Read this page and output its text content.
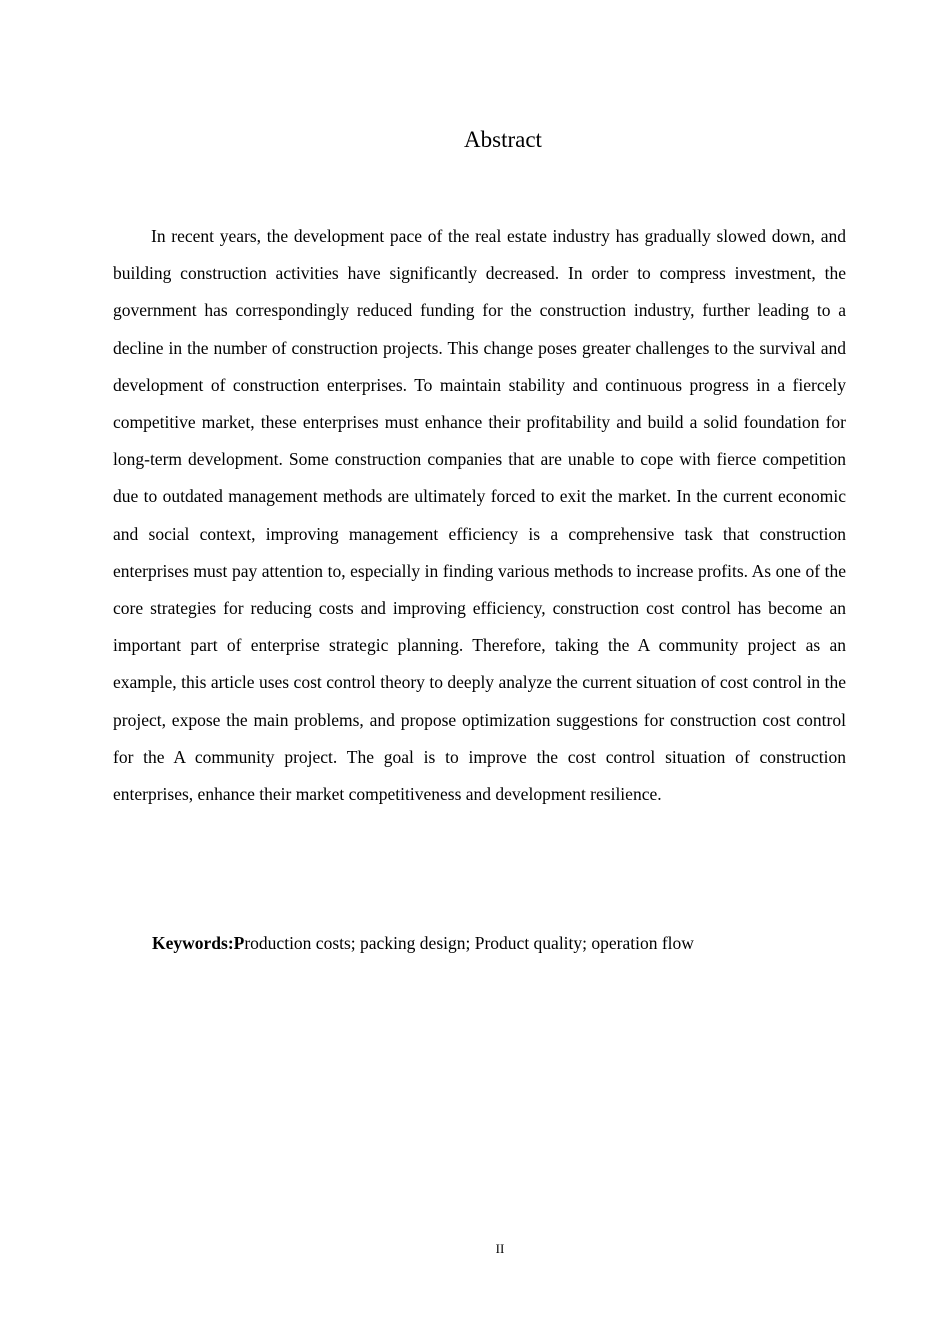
Abstract

In recent years, the development pace of the real estate industry has gradually slowed down, and building construction activities have significantly decreased. In order to compress investment, the government has correspondingly reduced funding for the construction industry, further leading to a decline in the number of construction projects. This change poses greater challenges to the survival and development of construction enterprises. To maintain stability and continuous progress in a fiercely competitive market, these enterprises must enhance their profitability and build a solid foundation for long-term development. Some construction companies that are unable to cope with fierce competition due to outdated management methods are ultimately forced to exit the market. In the current economic and social context, improving management efficiency is a comprehensive task that construction enterprises must pay attention to, especially in finding various methods to increase profits. As one of the core strategies for reducing costs and improving efficiency, construction cost control has become an important part of enterprise strategic planning. Therefore, taking the A community project as an example, this article uses cost control theory to deeply analyze the current situation of cost control in the project, expose the main problems, and propose optimization suggestions for construction cost control for the A community project. The goal is to improve the cost control situation of construction enterprises, enhance their market competitiveness and development resilience.

Keywords:Production costs; packing design; Product quality; operation flow

II
